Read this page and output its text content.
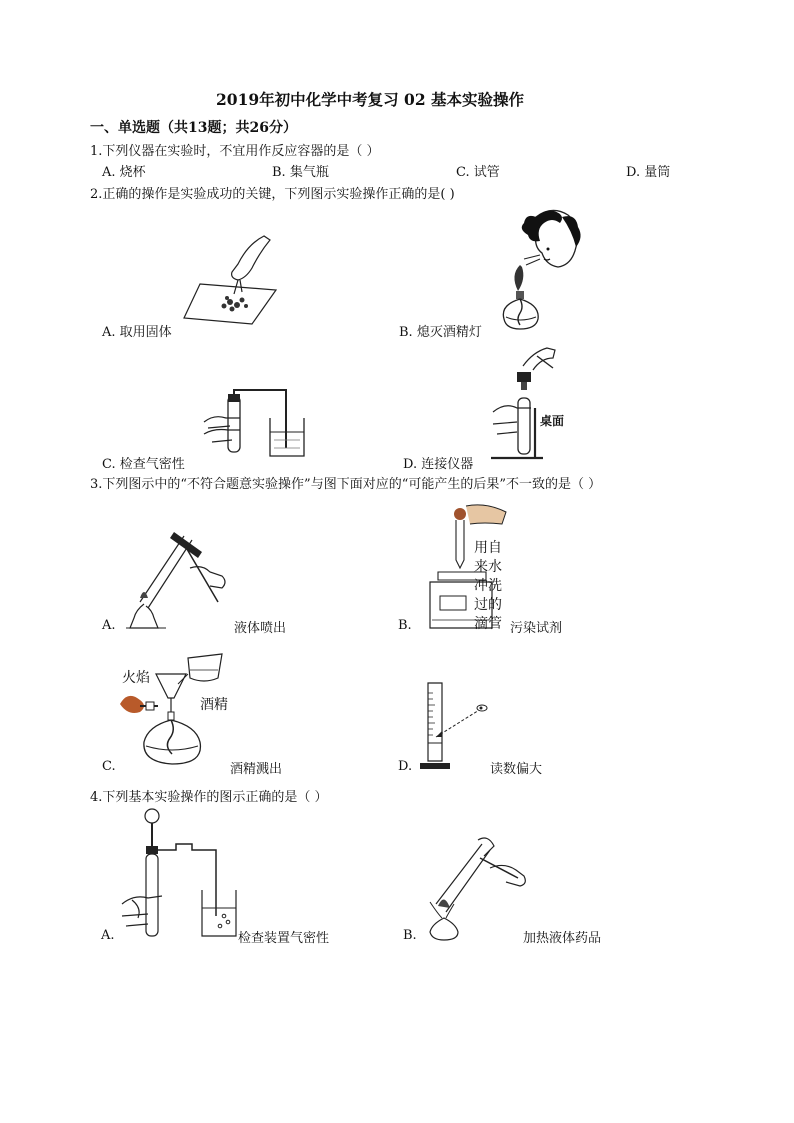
2019年初中化学中考复习 02 基本实验操作
一、单选题（共13题；共26分）
1.下列仪器在实验时，不宜用作反应容器的是（ ）
A. 烧杯	B. 集气瓶	C. 试管	D. 量筒
2.正确的操作是实验成功的关键，下列图示实验操作正确的是( )
A. 取用固体	B. 熄灭酒精灯
C. 检查气密性
桌面
D. 连接仪器
3.下列图示中的“不符合题意实验操作”与图下面对应的“可能产生的后果”不一致的是（ ）
A.	液体喷出
用自
来水
冲洗
过的
滴管
B.	污染试剂
火焰
酒精
C.	酒精溅出	D.	读数偏大
4.下列基本实验操作的图示正确的是（ ）
A.	检查装置气密性	B.	加热液体药品
